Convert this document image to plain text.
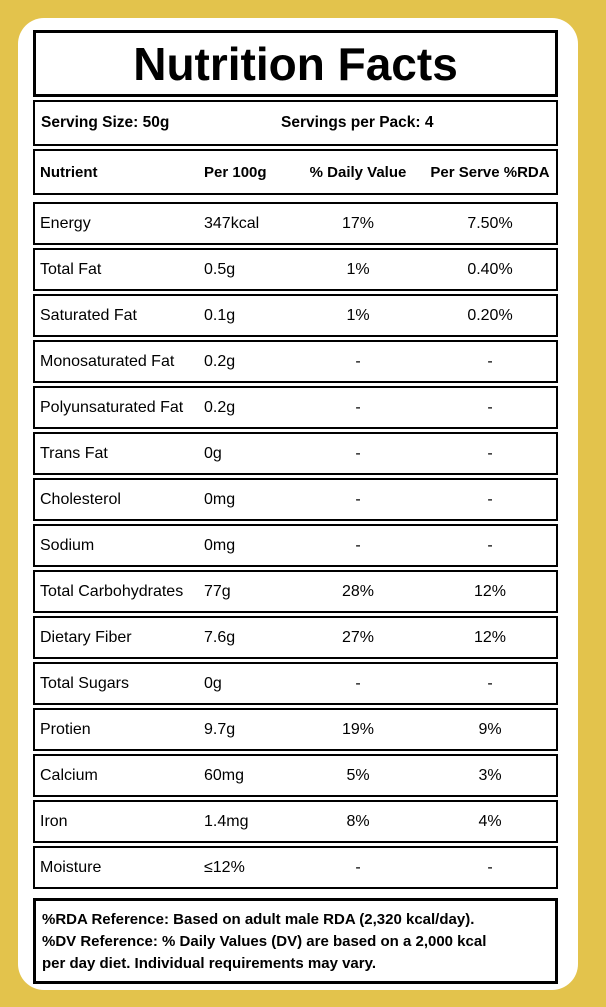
Nutrition Facts
Serving Size: 50g	Servings per Pack: 4
Nutrient	Per 100g	% Daily Value	Per Serve %RDA
Energy	347kcal	17%	7.50%
Total Fat	0.5g	1%	0.40%
Saturated Fat	0.1g	1%	0.20%
Monosaturated Fat	0.2g	-	-
Polyunsaturated Fat	0.2g	-	-
Trans Fat	0g	-	-
Cholesterol	0mg	-	-
Sodium	0mg	-	-
Total Carbohydrates	77g	28%	12%
Dietary Fiber	7.6g	27%	12%
Total Sugars	0g	-	-
Protien	9.7g	19%	9%
Calcium	60mg	5%	3%
Iron	1.4mg	8%	4%
Moisture	≤12%	-	-
%RDA Reference: Based on adult male RDA (2,320 kcal/day).
%DV Reference: % Daily Values (DV) are based on a 2,000 kcal
per day diet. Individual requirements may vary.
